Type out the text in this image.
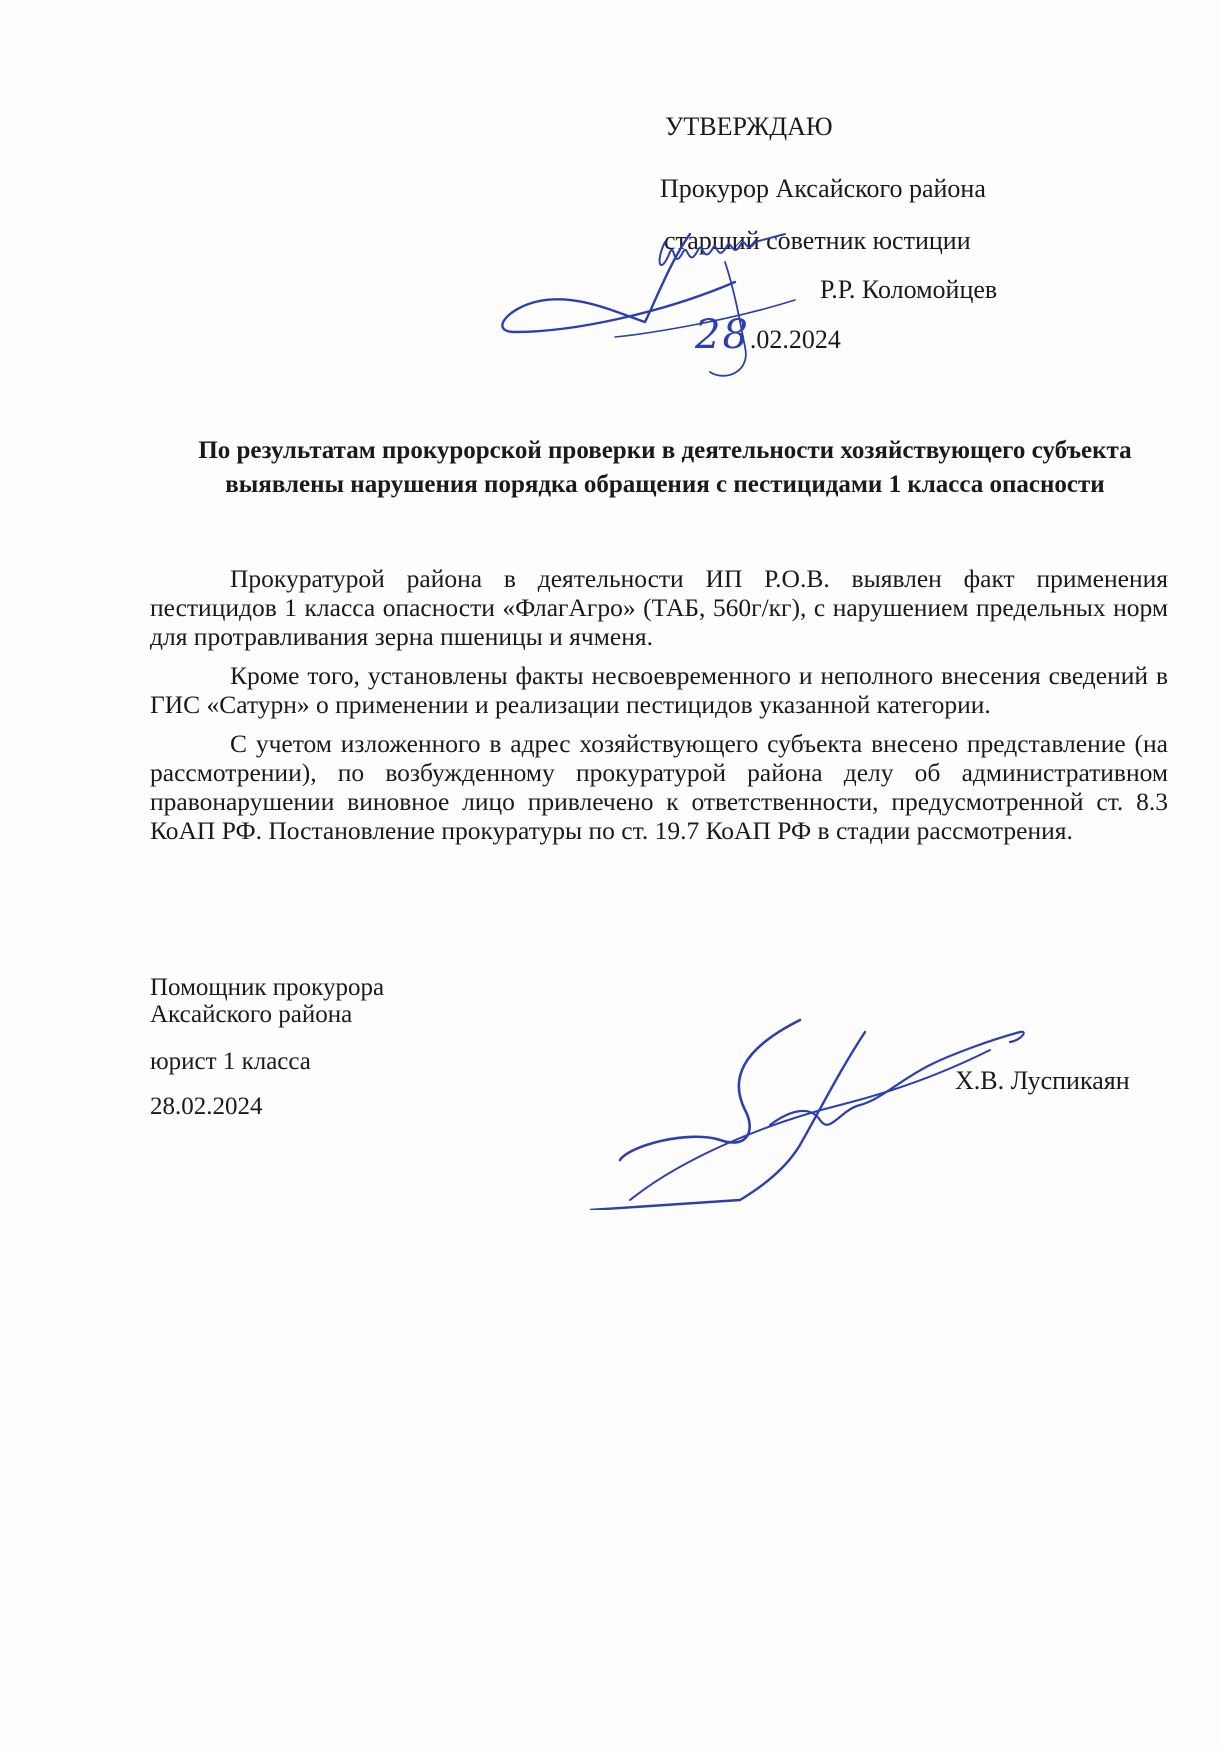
УТВЕРЖДАЮ
Прокурор Аксайского района
старший советник юстиции
Р.Р. Коломойцев
28.02.2024
По результатам прокурорской проверки в деятельности хозяйствующего субъекта выявлены нарушения порядка обращения с пестицидами 1 класса опасности

Прокуратурой района в деятельности ИП Р.О.В. выявлен факт применения пестицидов 1 класса опасности «ФлагАгро» (ТАБ, 560г/кг), с нарушением предельных норм для протравливания зерна пшеницы и ячменя.

Кроме того, установлены факты несвоевременного и неполного внесения сведений в ГИС «Сатурн» о применении и реализации пестицидов указанной категории.

С учетом изложенного в адрес хозяйствующего субъекта внесено представление (на рассмотрении), по возбужденному прокуратурой района делу об административном правонарушении виновное лицо привлечено к ответственности, предусмотренной ст. 8.3 КоАП РФ. Постановление прокуратуры по ст. 19.7 КоАП РФ в стадии рассмотрения.

Помощник прокурора
Аксайского района
юрист 1 класса
28.02.2024
Х.В. Луспикаян
